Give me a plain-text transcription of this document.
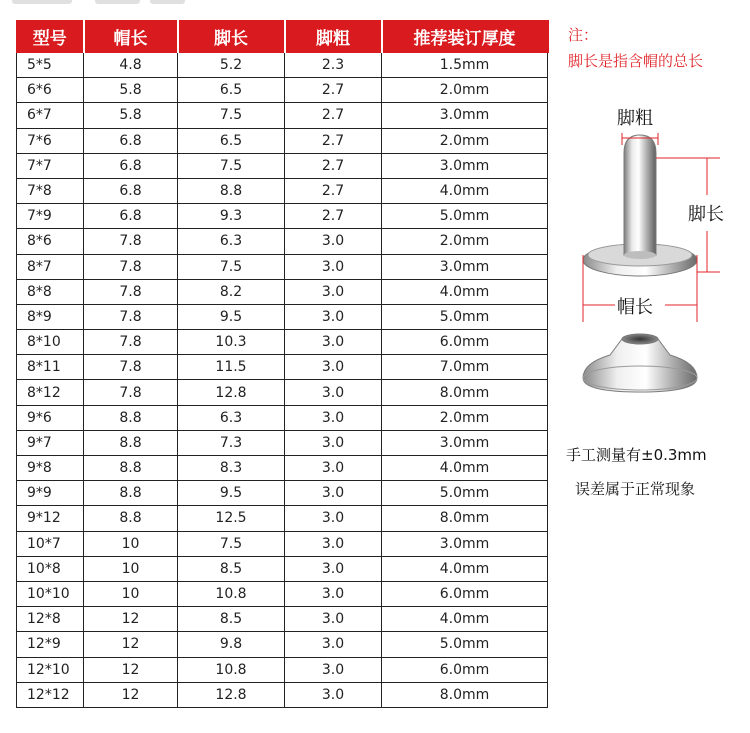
型号	帽长	脚长	脚粗	推荐装订厚度
5*5	4.8	5.2	2.3	1.5mm
6*6	5.8	6.5	2.7	2.0mm
6*7	5.8	7.5	2.7	3.0mm
7*6	6.8	6.5	2.7	2.0mm
7*7	6.8	7.5	2.7	3.0mm
7*8	6.8	8.8	2.7	4.0mm
7*9	6.8	9.3	2.7	5.0mm
8*6	7.8	6.3	3.0	2.0mm
8*7	7.8	7.5	3.0	3.0mm
8*8	7.8	8.2	3.0	4.0mm
8*9	7.8	9.5	3.0	5.0mm
8*10	7.8	10.3	3.0	6.0mm
8*11	7.8	11.5	3.0	7.0mm
8*12	7.8	12.8	3.0	8.0mm
9*6	8.8	6.3	3.0	2.0mm
9*7	8.8	7.3	3.0	3.0mm
9*8	8.8	8.3	3.0	4.0mm
9*9	8.8	9.5	3.0	5.0mm
9*12	8.8	12.5	3.0	8.0mm
10*7	10	7.5	3.0	3.0mm
10*8	10	8.5	3.0	4.0mm
10*10	10	10.8	3.0	6.0mm
12*8	12	8.5	3.0	4.0mm
12*9	12	9.8	3.0	5.0mm
12*10	12	10.8	3.0	6.0mm
12*12	12	12.8	3.0	8.0mm
注：
脚长是指含帽的总长
脚粗
脚长
帽长
手工测量有±0.3mm
误差属于正常现象
